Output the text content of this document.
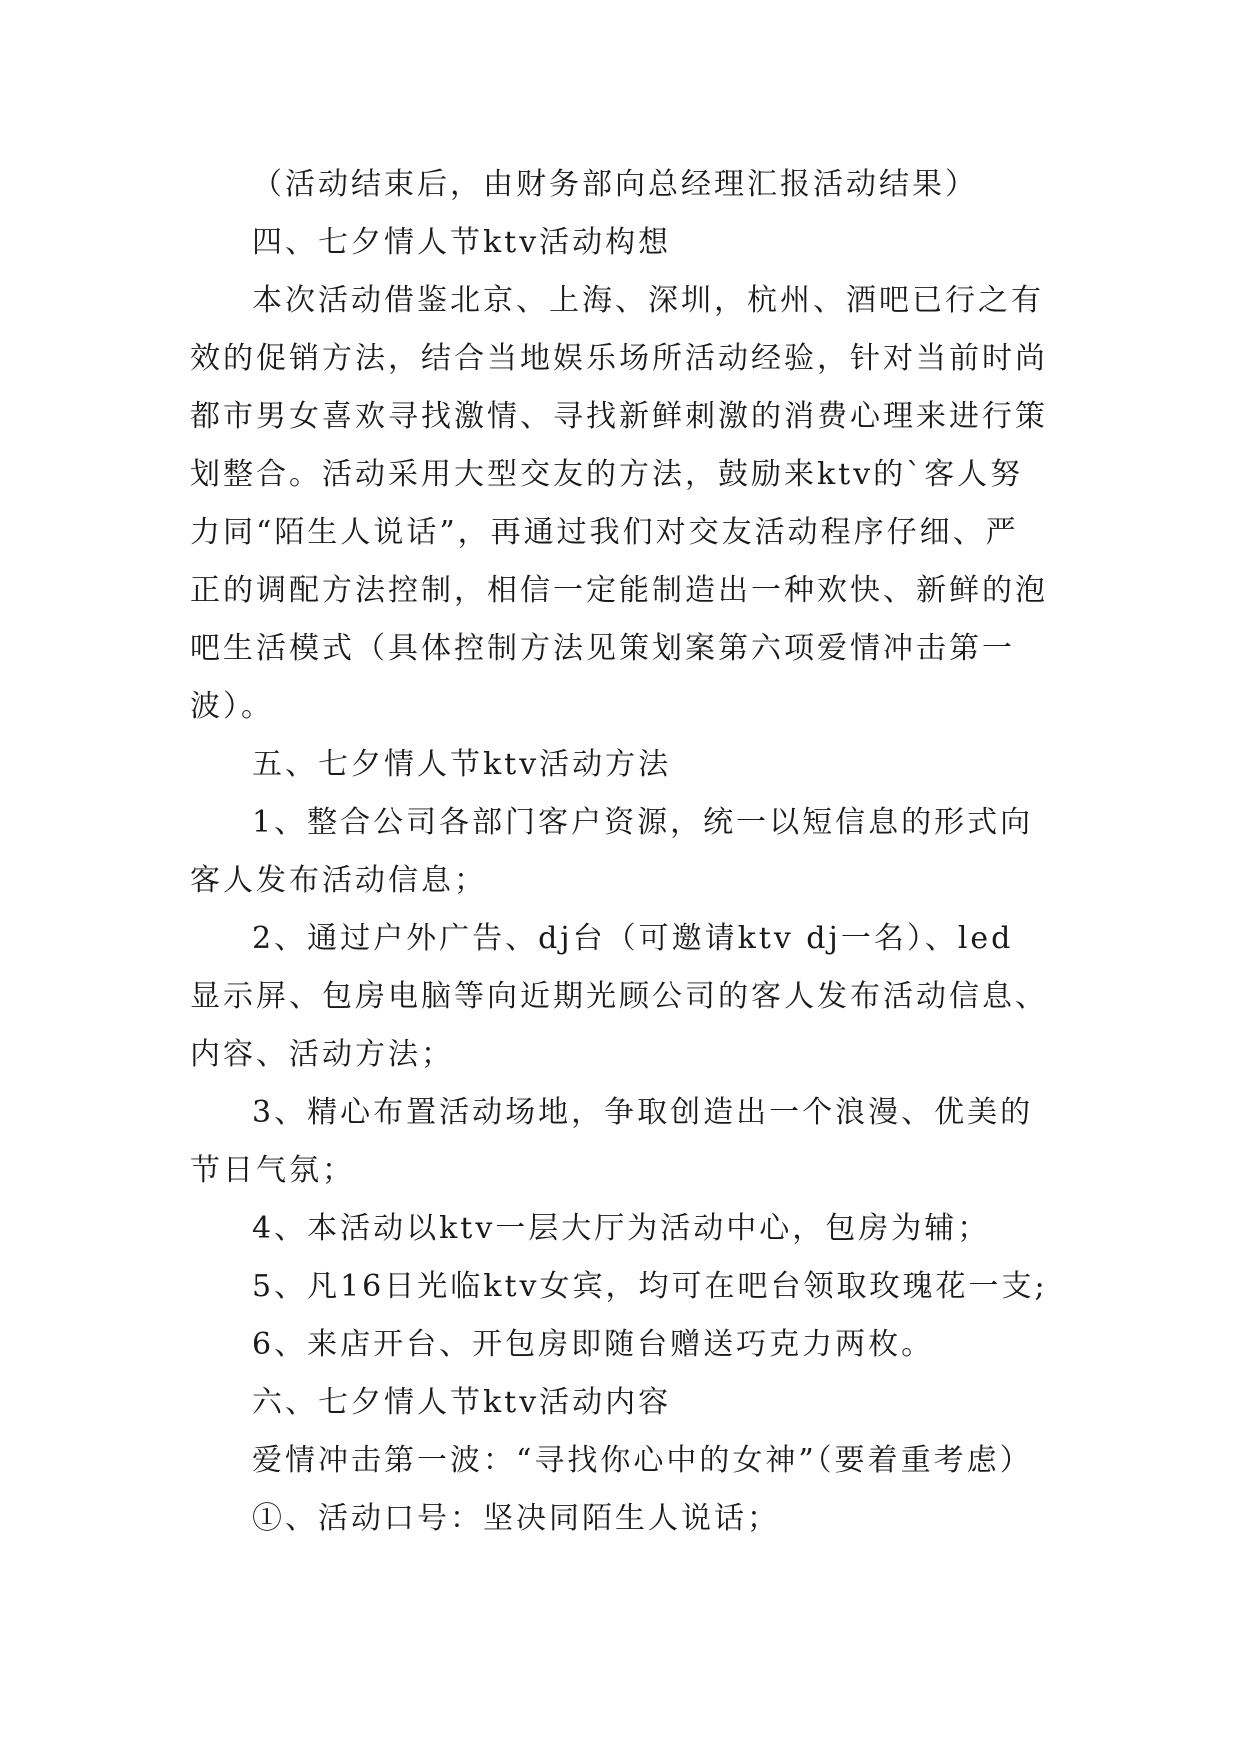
（活动结束后，由财务部向总经理汇报活动结果）
四、七夕情人节ktv活动构想
本次活动借鉴北京、上海、深圳，杭州、酒吧已行之有
效的促销方法，结合当地娱乐场所活动经验，针对当前时尚
都市男女喜欢寻找激情、寻找新鲜刺激的消费心理来进行策
划整合。活动采用大型交友的方法，鼓励来ktv的`客人努
力同“陌生人说话”，再通过我们对交友活动程序仔细、严
正的调配方法控制，相信一定能制造出一种欢快、新鲜的泡
吧生活模式（具体控制方法见策划案第六项爱情冲击第一
波）。
五、七夕情人节ktv活动方法
1、整合公司各部门客户资源，统一以短信息的形式向
客人发布活动信息；
2、通过户外广告、dj台（可邀请ktv dj一名）、led
显示屏、包房电脑等向近期光顾公司的客人发布活动信息、
内容、活动方法；
3、精心布置活动场地，争取创造出一个浪漫、优美的
节日气氛；
4、本活动以ktv一层大厅为活动中心，包房为辅；
5、凡16日光临ktv女宾，均可在吧台领取玫瑰花一支;
6、来店开台、开包房即随台赠送巧克力两枚。
六、七夕情人节ktv活动内容
爱情冲击第一波：“寻找你心中的女神”（要着重考虑）
①、活动口号：坚决同陌生人说话；
